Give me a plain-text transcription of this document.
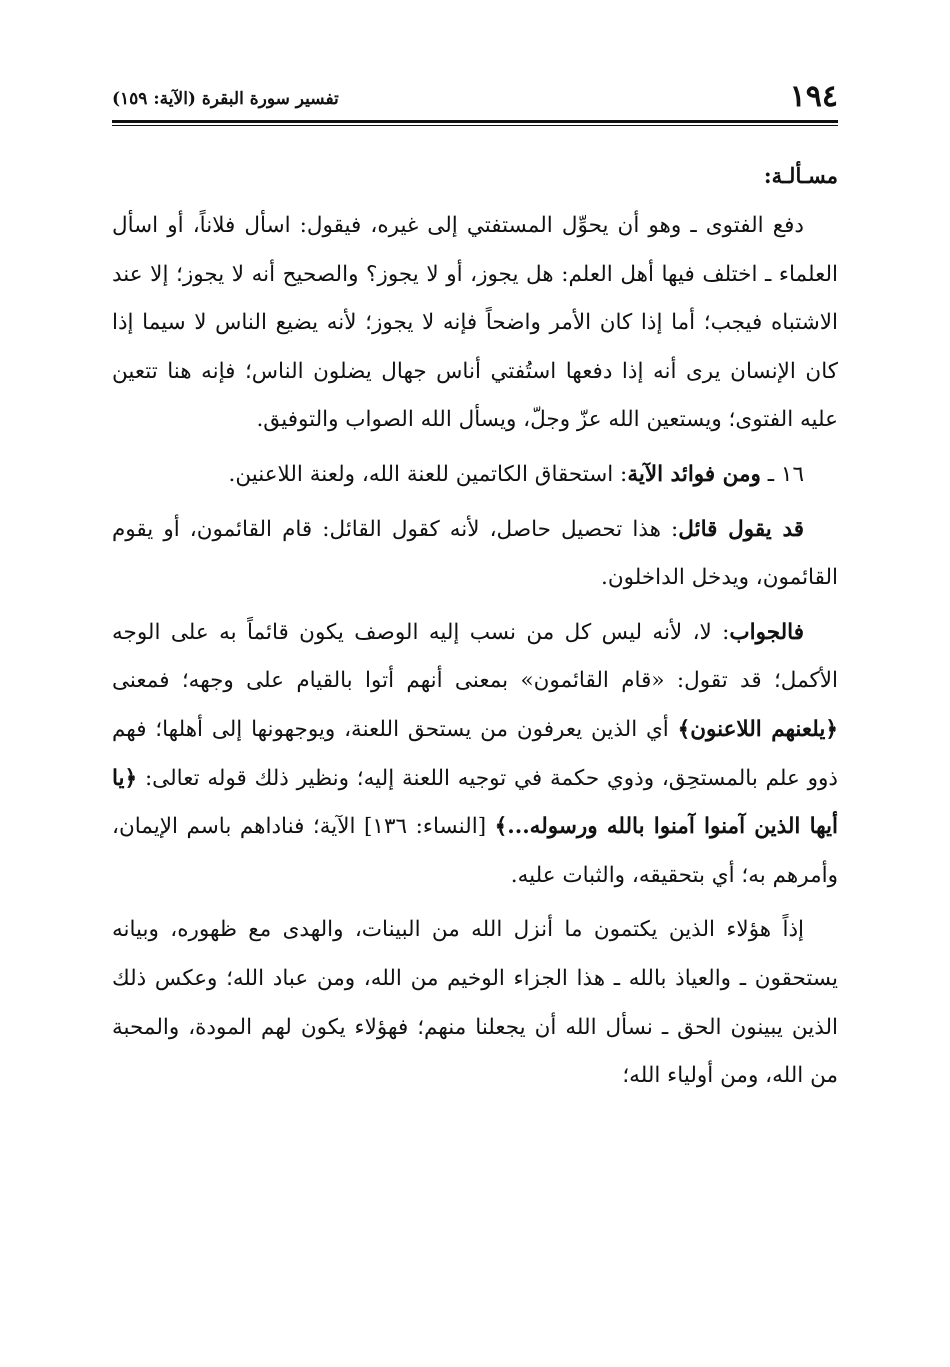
١٩٤
تفسير سورة البقرة (الآية: ١٥٩)
مسـألـة:

دفع الفتوى ـ وهو أن يحوِّل المستفتي إلى غيره، فيقول: اسأل فلاناً، أو اسأل العلماء ـ اختلف فيها أهل العلم: هل يجوز، أو لا يجوز؟ والصحيح أنه لا يجوز؛ إلا عند الاشتباه فيجب؛ أما إذا كان الأمر واضحاً فإنه لا يجوز؛ لأنه يضيع الناس لا سيما إذا كان الإنسان يرى أنه إذا دفعها استُفتي أناس جهال يضلون الناس؛ فإنه هنا تتعين عليه الفتوى؛ ويستعين الله عزّ وجلّ، ويسأل الله الصواب والتوفيق.

١٦ ـ ومن فوائد الآية: استحقاق الكاتمين للعنة الله، ولعنة اللاعنين.

قد يقول قائل: هذا تحصيل حاصل، لأنه كقول القائل: قام القائمون، أو يقوم القائمون، ويدخل الداخلون.

فالجواب: لا، لأنه ليس كل من نسب إليه الوصف يكون قائماً به على الوجه الأكمل؛ قد تقول: «قام القائمون» بمعنى أنهم أتوا بالقيام على وجهه؛ فمعنى ﴿يلعنهم اللاعنون﴾ أي الذين يعرفون من يستحق اللعنة، ويوجهونها إلى أهلها؛ فهم ذوو علم بالمستحِق، وذوي حكمة في توجيه اللعنة إليه؛ ونظير ذلك قوله تعالى: ﴿يا أيها الذين آمنوا آمنوا بالله ورسوله...﴾ [النساء: ١٣٦] الآية؛ فناداهم باسم الإيمان، وأمرهم به؛ أي بتحقيقه، والثبات عليه.

إذاً هؤلاء الذين يكتمون ما أنزل الله من البينات، والهدى مع ظهوره، وبيانه يستحقون ـ والعياذ بالله ـ هذا الجزاء الوخيم من الله، ومن عباد الله؛ وعكس ذلك الذين يبينون الحق ـ نسأل الله أن يجعلنا منهم؛ فهؤلاء يكون لهم المودة، والمحبة من الله، ومن أولياء الله؛
